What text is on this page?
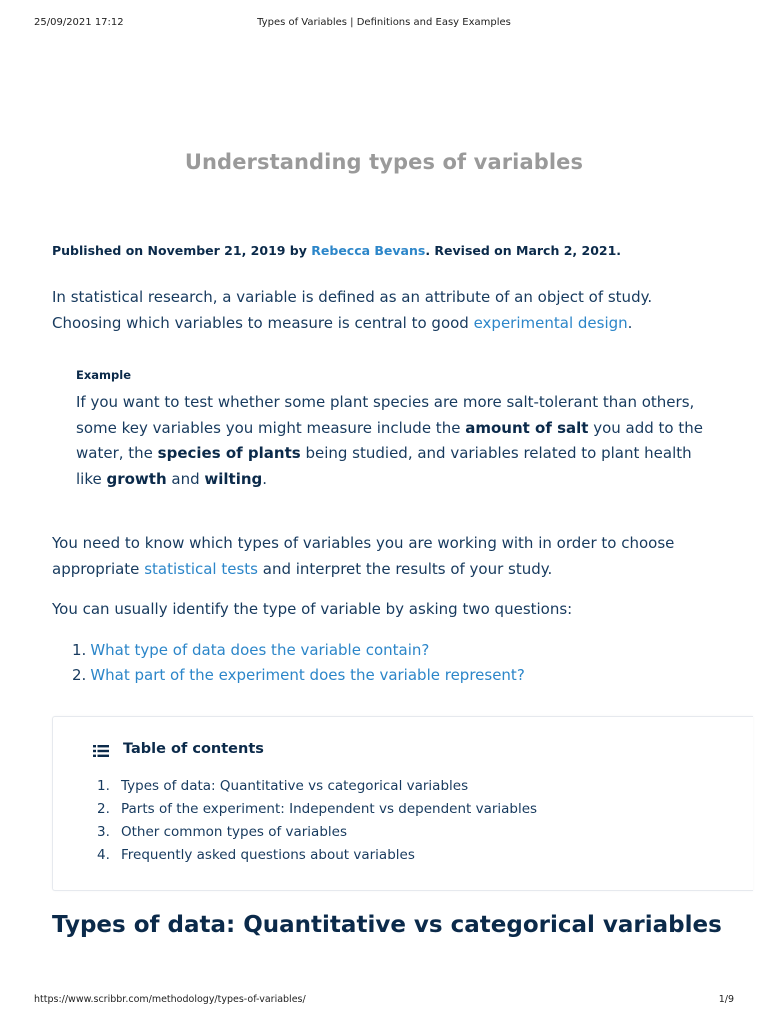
25/09/2021 17:12	Types of Variables | Definitions and Easy Examples
Understanding types of variables
Published on November 21, 2019 by Rebecca Bevans. Revised on March 2, 2021.
In statistical research, a variable is defined as an attribute of an object of study. Choosing which variables to measure is central to good experimental design.
Example
If you want to test whether some plant species are more salt-tolerant than others, some key variables you might measure include the amount of salt you add to the water, the species of plants being studied, and variables related to plant health like growth and wilting.
You need to know which types of variables you are working with in order to choose appropriate statistical tests and interpret the results of your study.
You can usually identify the type of variable by asking two questions:
1. What type of data does the variable contain?
2. What part of the experiment does the variable represent?
Table of contents
1. Types of data: Quantitative vs categorical variables
2. Parts of the experiment: Independent vs dependent variables
3. Other common types of variables
4. Frequently asked questions about variables
Types of data: Quantitative vs categorical variables
https://www.scribbr.com/methodology/types-of-variables/	1/9
